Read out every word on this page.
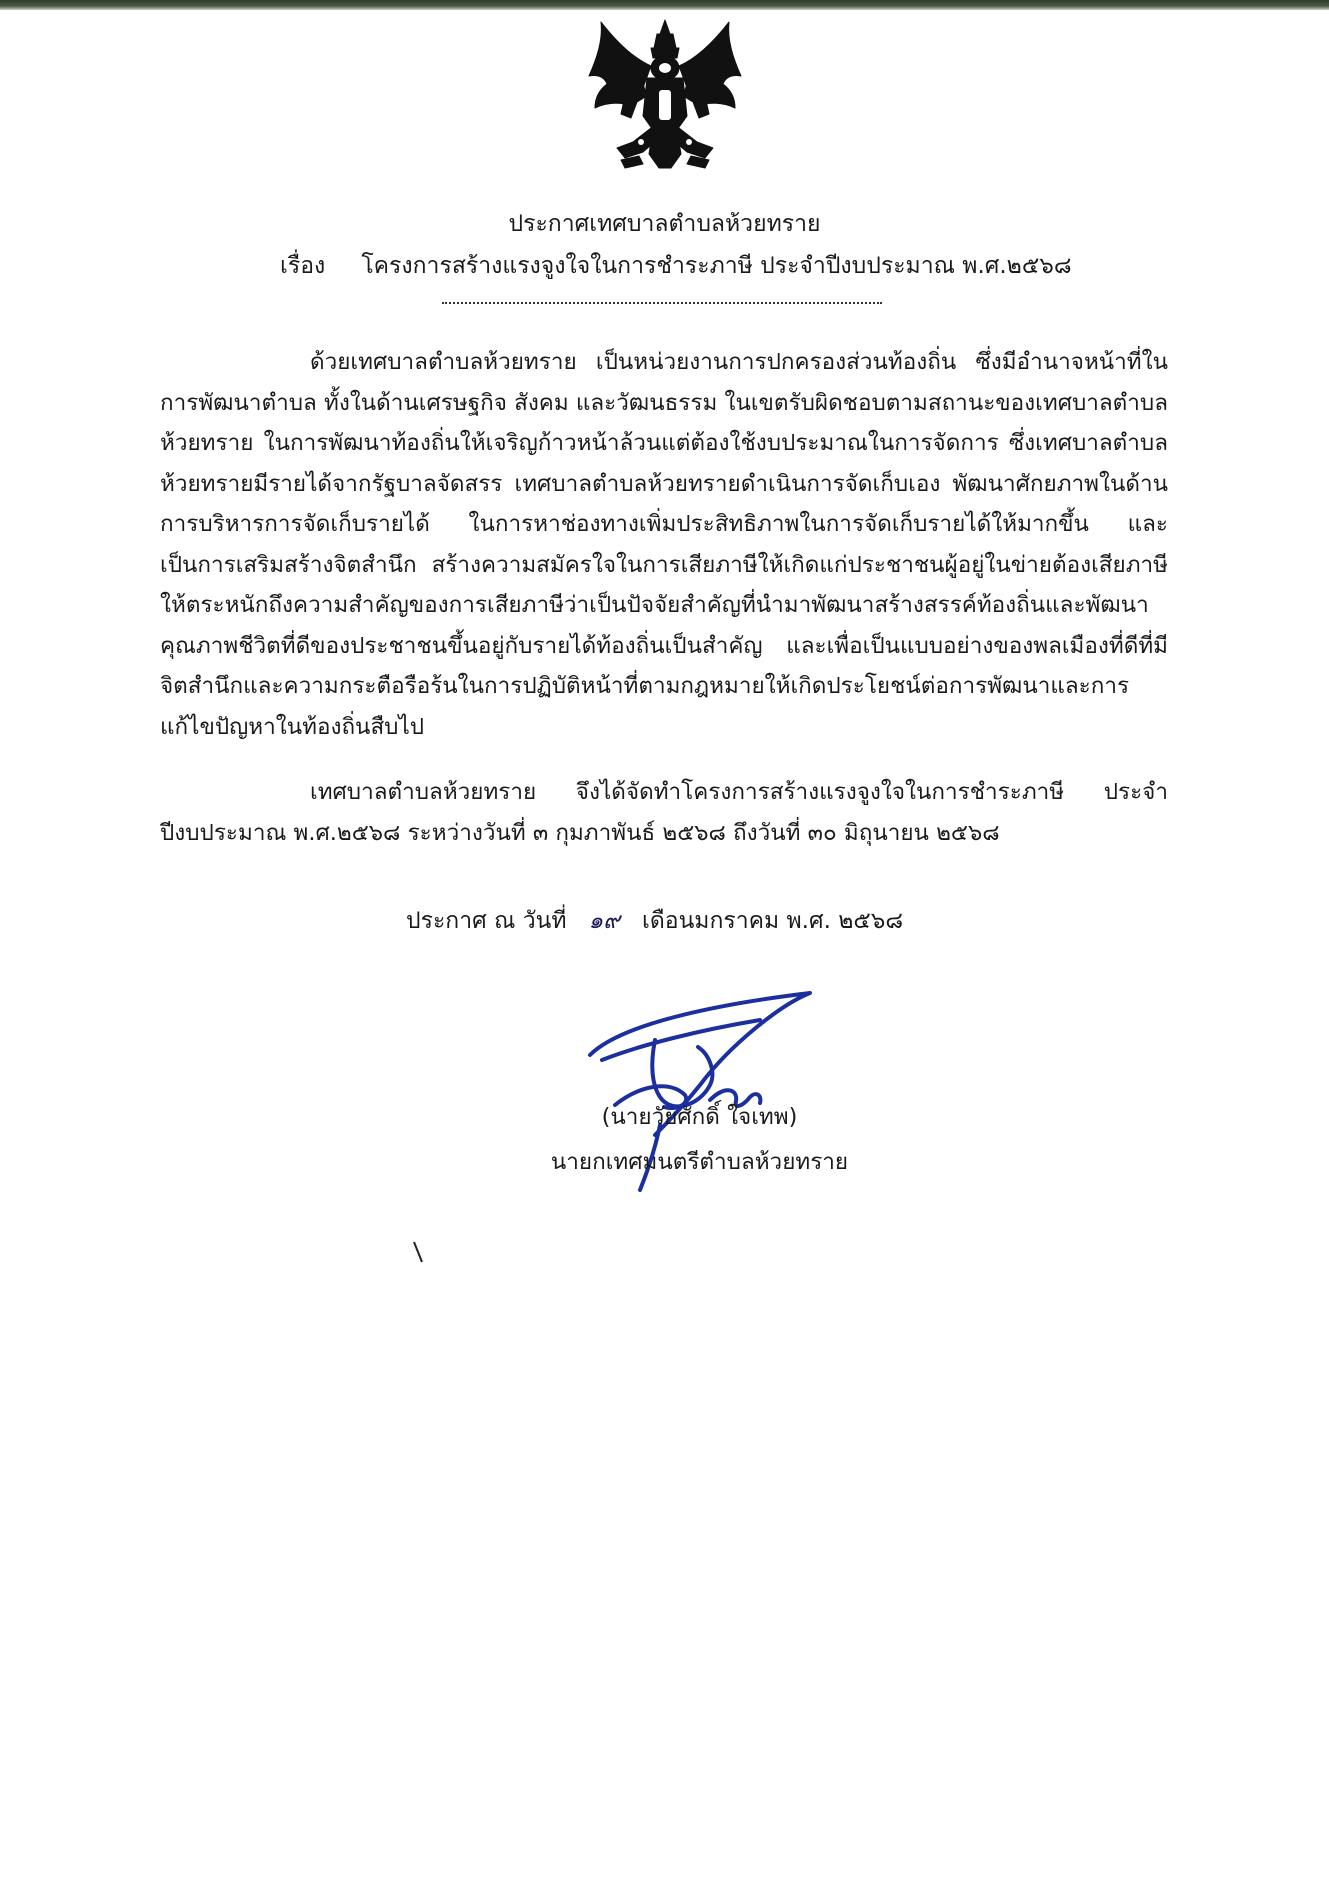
ประกาศเทศบาลตำบลห้วยทราย
เรื่อง โครงการสร้างแรงจูงใจในการชำระภาษี ประจำปีงบประมาณ พ.ศ.๒๕๖๘

ด้วยเทศบาลตำบลห้วยทราย เป็นหน่วยงานการปกครองส่วนท้องถิ่น ซึ่งมีอำนาจหน้าที่ในการพัฒนาตำบล ทั้งในด้านเศรษฐกิจ สังคม และวัฒนธรรม ในเขตรับผิดชอบตามสถานะของเทศบาลตำบลห้วยทราย ในการพัฒนาท้องถิ่นให้เจริญก้าวหน้าล้วนแต่ต้องใช้งบประมาณในการจัดการ ซึ่งเทศบาลตำบลห้วยทรายมีรายได้จากรัฐบาลจัดสรร เทศบาลตำบลห้วยทรายดำเนินการจัดเก็บเอง พัฒนาศักยภาพในด้านการบริหารการจัดเก็บรายได้ ในการหาช่องทางเพิ่มประสิทธิภาพในการจัดเก็บรายได้ให้มากขึ้น และเป็นการเสริมสร้างจิตสำนึก สร้างความสมัครใจในการเสียภาษีให้เกิดแก่ประชาชนผู้อยู่ในข่ายต้องเสียภาษี ให้ตระหนักถึงความสำคัญของการเสียภาษีว่าเป็นปัจจัยสำคัญที่นำมาพัฒนาสร้างสรรค์ท้องถิ่นและพัฒนาคุณภาพชีวิตที่ดีของประชาชนขึ้นอยู่กับรายได้ท้องถิ่นเป็นสำคัญ และเพื่อเป็นแบบอย่างของพลเมืองที่ดีที่มีจิตสำนึกและความกระตือรือร้นในการปฏิบัติหน้าที่ตามกฎหมายให้เกิดประโยชน์ต่อการพัฒนาและการแก้ไขปัญหาในท้องถิ่นสืบไป

เทศบาลตำบลห้วยทราย จึงได้จัดทำโครงการสร้างแรงจูงใจในการชำระภาษี ประจำปีงบประมาณ พ.ศ.๒๕๖๘ ระหว่างวันที่ ๓ กุมภาพันธ์ ๒๕๖๘ ถึงวันที่ ๓๐ มิถุนายน ๒๕๖๘

ประกาศ ณ วันที่ ๑๙ เดือนมกราคม พ.ศ. ๒๕๖๘
(นายวัยศักดิ์ ใจเทพ)
นายกเทศมนตรีตำบลห้วยทราย
